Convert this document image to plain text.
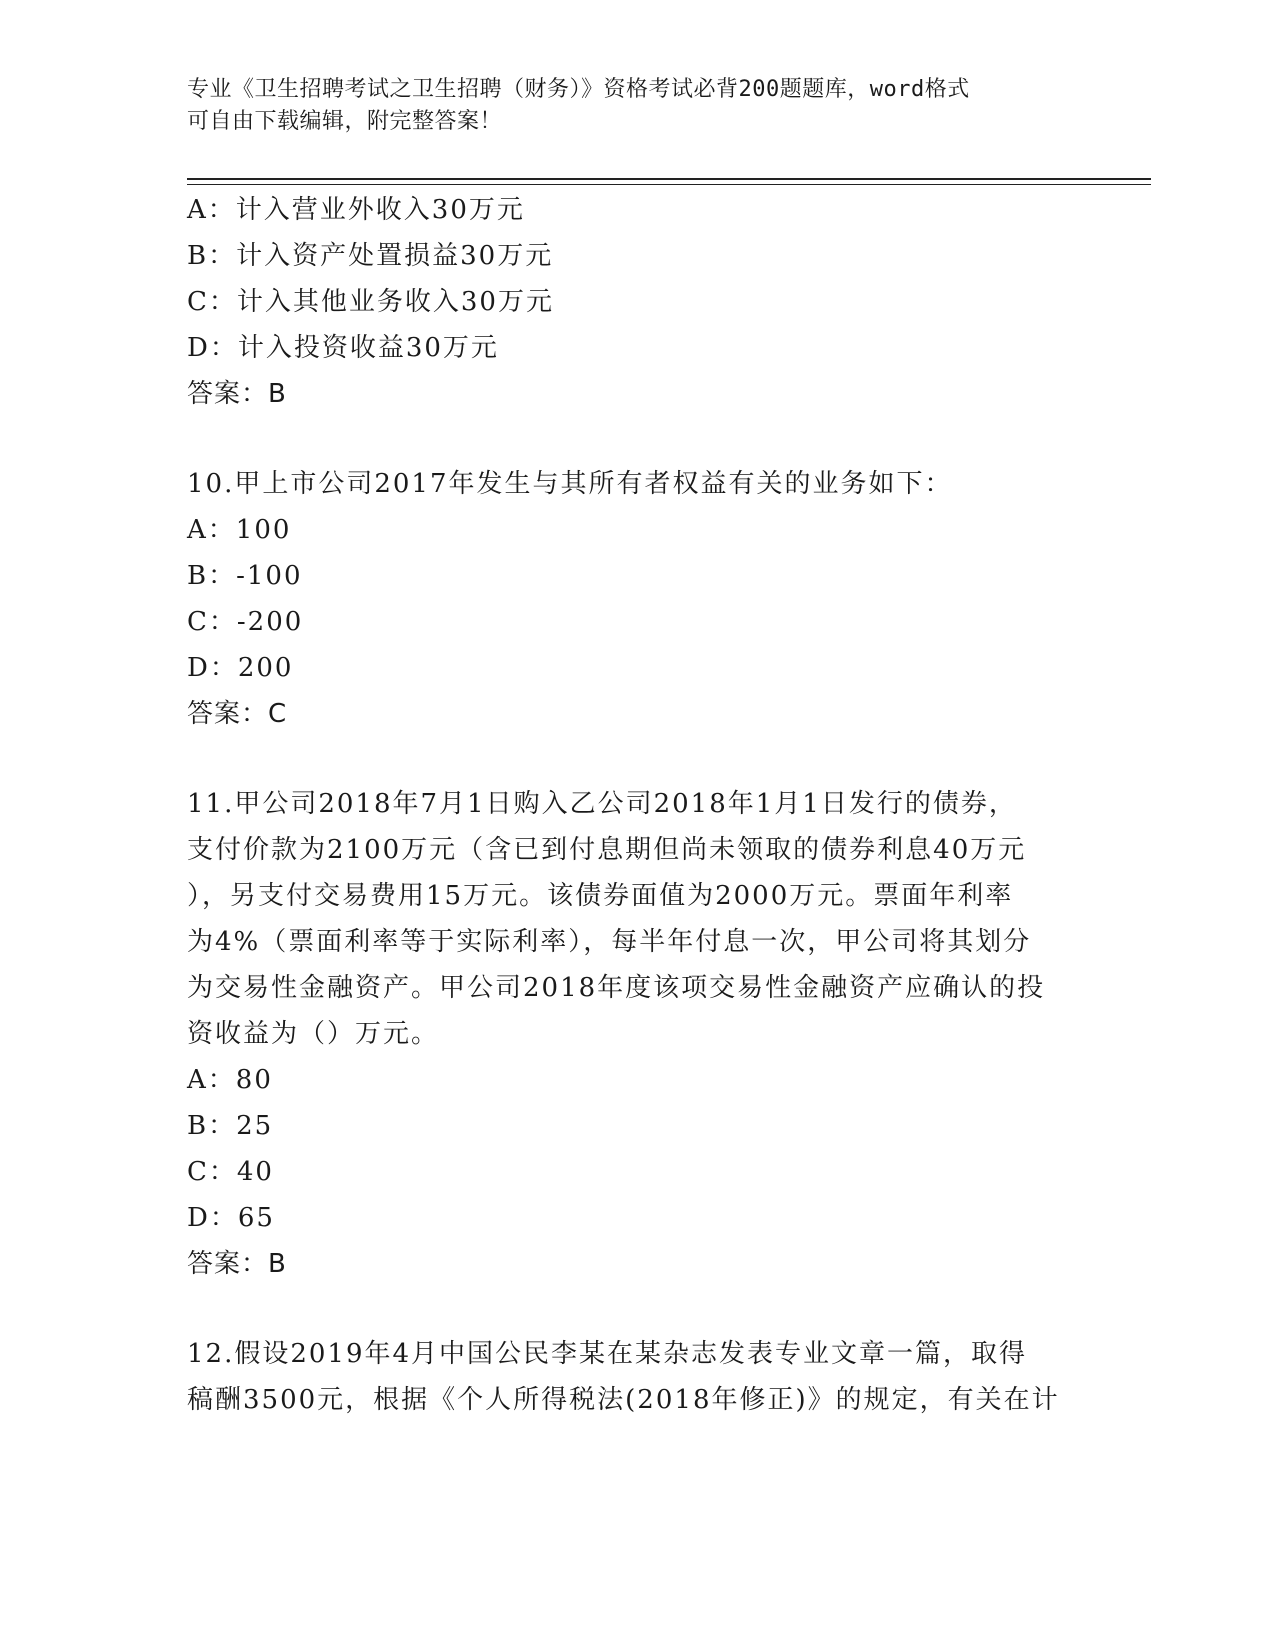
专业《卫生招聘考试之卫生招聘（财务）》资格考试必背200题题库，word格式
可自由下载编辑，附完整答案！
A：计入营业外收入30万元
B：计入资产处置损益30万元
C：计入其他业务收入30万元
D：计入投资收益30万元
答案：B
10.甲上市公司2017年发生与其所有者权益有关的业务如下：
A：100
B：-100
C：-200
D：200
答案：C
11.甲公司2018年7月1日购入乙公司2018年1月1日发行的债券，
支付价款为2100万元（含已到付息期但尚未领取的债券利息40万元
），另支付交易费用15万元。该债券面值为2000万元。票面年利率
为4%（票面利率等于实际利率），每半年付息一次，甲公司将其划分
为交易性金融资产。甲公司2018年度该项交易性金融资产应确认的投
资收益为（）万元。
A：80
B：25
C：40
D：65
答案：B
12.假设2019年4月中国公民李某在某杂志发表专业文章一篇，取得
稿酬3500元，根据《个人所得税法(2018年修正)》的规定，有关在计
